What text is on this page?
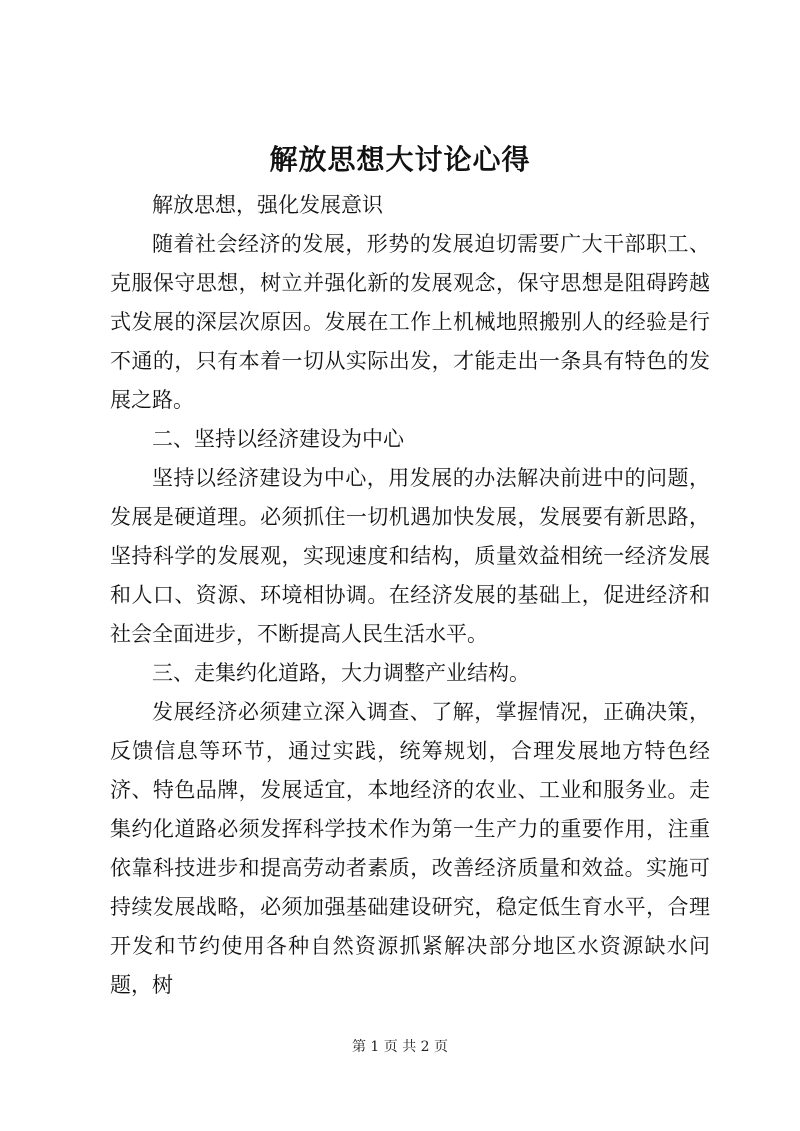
解放思想大讨论心得

解放思想，强化发展意识

随着社会经济的发展，形势的发展迫切需要广大干部职工、克服保守思想，树立并强化新的发展观念，保守思想是阻碍跨越式发展的深层次原因。发展在工作上机械地照搬别人的经验是行不通的，只有本着一切从实际出发，才能走出一条具有特色的发展之路。

二、坚持以经济建设为中心

坚持以经济建设为中心，用发展的办法解决前进中的问题，发展是硬道理。必须抓住一切机遇加快发展，发展要有新思路，坚持科学的发展观，实现速度和结构，质量效益相统一经济发展和人口、资源、环境相协调。在经济发展的基础上，促进经济和社会全面进步，不断提高人民生活水平。

三、走集约化道路，大力调整产业结构。

发展经济必须建立深入调查、了解，掌握情况，正确决策，反馈信息等环节，通过实践，统筹规划，合理发展地方特色经济、特色品牌，发展适宜，本地经济的农业、工业和服务业。走集约化道路必须发挥科学技术作为第一生产力的重要作用，注重依靠科技进步和提高劳动者素质，改善经济质量和效益。实施可持续发展战略，必须加强基础建设研究，稳定低生育水平，合理开发和节约使用各种自然资源抓紧解决部分地区水资源缺水问题，树

第 1 页 共 2 页
